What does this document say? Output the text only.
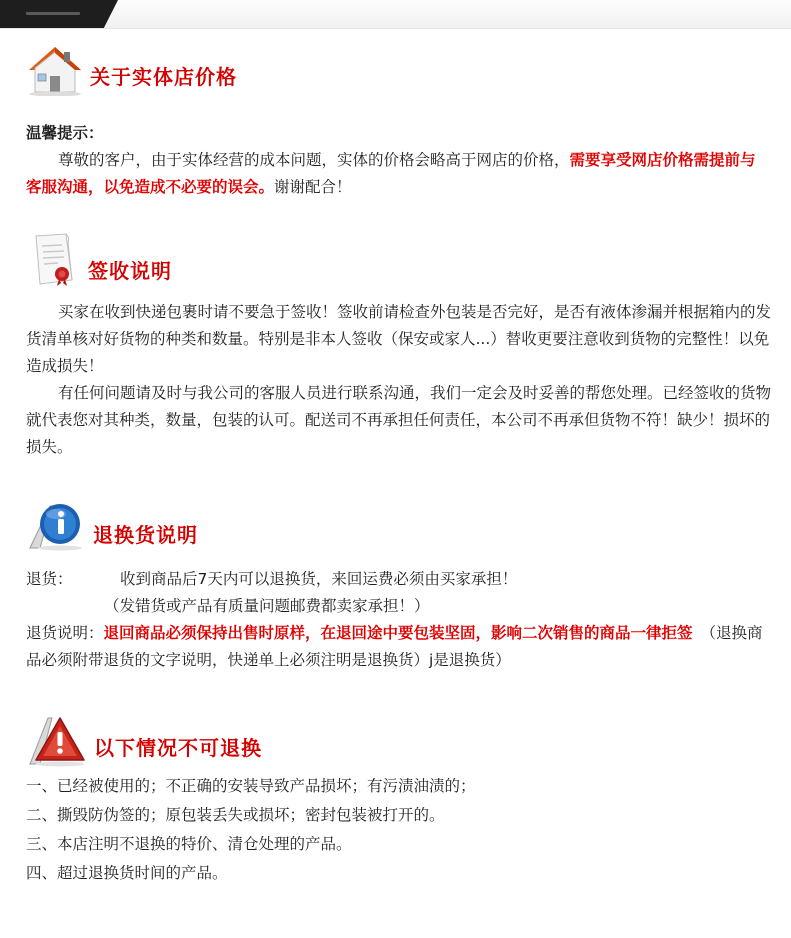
关于实体店价格

温馨提示：

尊敬的客户，由于实体经营的成本问题，实体的价格会略高于网店的价格，需要享受网店价格需提前与客服沟通，以免造成不必要的误会。谢谢配合！

签收说明

买家在收到快递包裹时请不要急于签收！签收前请检查外包装是否完好，是否有液体渗漏并根据箱内的发货清单核对好货物的种类和数量。特别是非本人签收（保安或家人...）替收更要注意收到货物的完整性！以免造成损失！

有任何问题请及时与我公司的客服人员进行联系沟通，我们一定会及时妥善的帮您处理。已经签收的货物就代表您对其种类，数量，包装的认可。配送司不再承担任何责任，本公司不再承但货物不符！缺少！损坏的损失。

退换货说明

退货：	收到商品后7天内可以退换货，来回运费必须由买家承担！

（发错货或产品有质量问题邮费都卖家承担！）

退货说明：退回商品必须保持出售时原样，在退回途中要包装坚固，影响二次销售的商品一律拒签 （退换商品必须附带退货的文字说明，快递单上必须注明是退换货）j是退换货）

以下情况不可退换

一、已经被使用的；不正确的安装导致产品损坏；有污渍油渍的；

二、撕毁防伪签的；原包装丢失或损坏；密封包装被打开的。

三、本店注明不退换的特价、清仓处理的产品。

四、超过退换货时间的产品。
